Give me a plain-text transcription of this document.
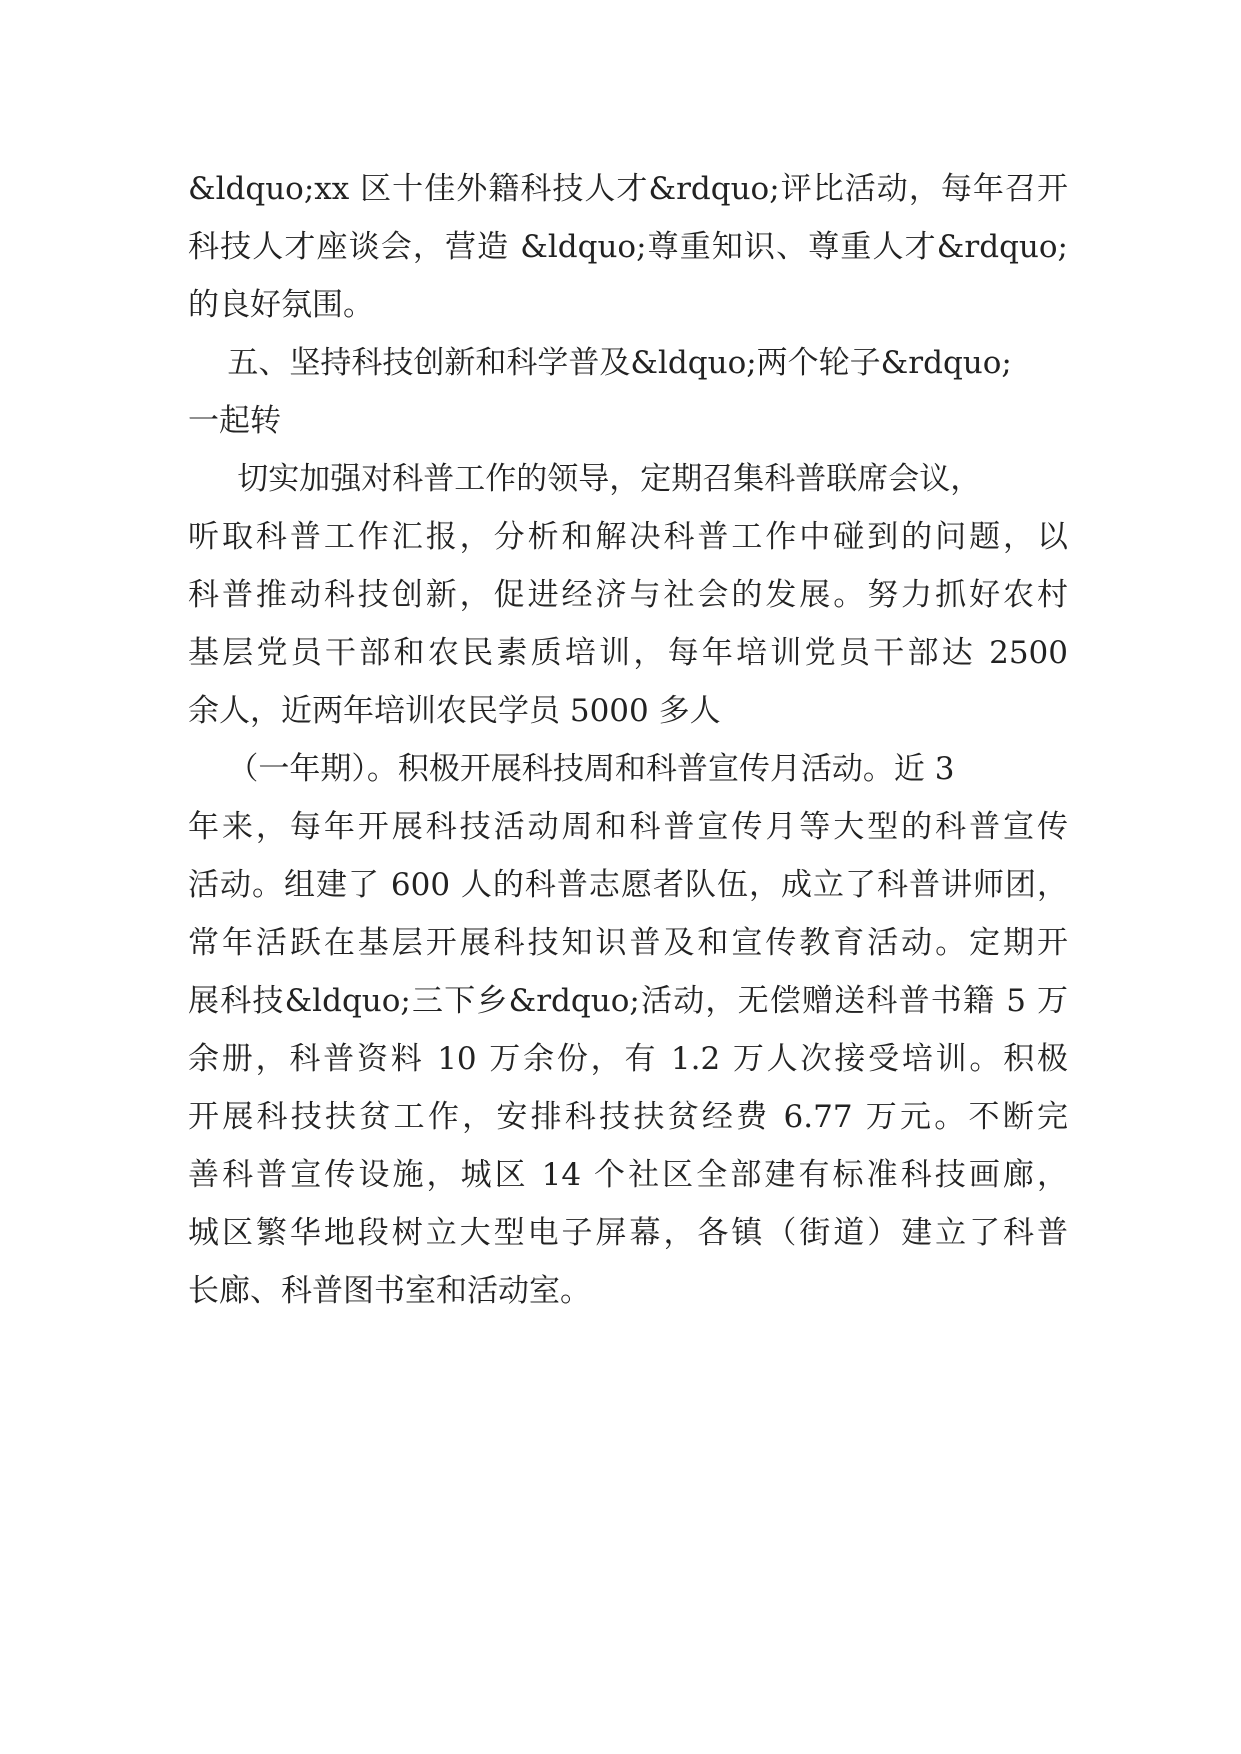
&ldquo;xx 区十佳外籍科技人才&rdquo;评比活动，每年召开
科技人才座谈会，营造 &ldquo;尊重知识、尊重人才&rdquo;
的良好氛围。
五、坚持科技创新和科学普及&ldquo;两个轮子&rdquo;
一起转
切实加强对科普工作的领导，定期召集科普联席会议，
听取科普工作汇报，分析和解决科普工作中碰到的问题，以
科普推动科技创新，促进经济与社会的发展。努力抓好农村
基层党员干部和农民素质培训，每年培训党员干部达 2500
余人，近两年培训农民学员 5000 多人
（一年期）。积极开展科技周和科普宣传月活动。近 3
年来，每年开展科技活动周和科普宣传月等大型的科普宣传
活动。组建了 600 人的科普志愿者队伍，成立了科普讲师团，
常年活跃在基层开展科技知识普及和宣传教育活动。定期开
展科技&ldquo;三下乡&rdquo;活动，无偿赠送科普书籍 5 万
余册，科普资料 10 万余份，有 1.2 万人次接受培训。积极
开展科技扶贫工作，安排科技扶贫经费 6.77 万元。不断完
善科普宣传设施，城区 14 个社区全部建有标准科技画廊，
城区繁华地段树立大型电子屏幕，各镇（街道）建立了科普
长廊、科普图书室和活动室。
